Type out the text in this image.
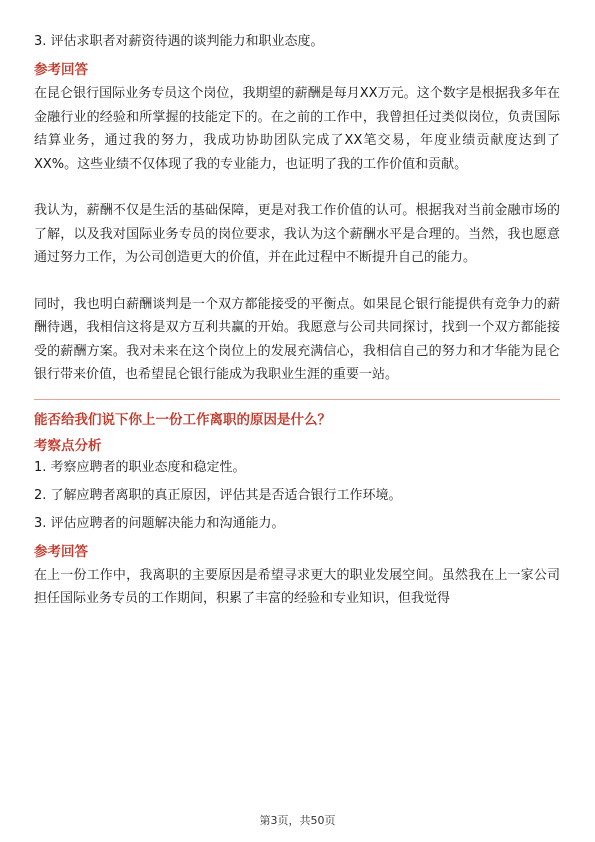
3. 评估求职者对薪资待遇的谈判能力和职业态度。
参考回答

在昆仑银行国际业务专员这个岗位，我期望的薪酬是每月XX万元。这个数字是根据我多年在金融行业的经验和所掌握的技能定下的。在之前的工作中，我曾担任过类似岗位，负责国际结算业务，通过我的努力，我成功协助团队完成了XX笔交易，年度业绩贡献度达到了XX%。这些业绩不仅体现了我的专业能力，也证明了我的工作价值和贡献。

我认为，薪酬不仅是生活的基础保障，更是对我工作价值的认可。根据我对当前金融市场的了解，以及我对国际业务专员的岗位要求，我认为这个薪酬水平是合理的。当然，我也愿意通过努力工作，为公司创造更大的价值，并在此过程中不断提升自己的能力。

同时，我也明白薪酬谈判是一个双方都能接受的平衡点。如果昆仑银行能提供有竞争力的薪酬待遇，我相信这将是双方互利共赢的开始。我愿意与公司共同探讨，找到一个双方都能接受的薪酬方案。我对未来在这个岗位上的发展充满信心，我相信自己的努力和才华能为昆仑银行带来价值，也希望昆仑银行能成为我职业生涯的重要一站。

能否给我们说下你上一份工作离职的原因是什么？
考察点分析
1. 考察应聘者的职业态度和稳定性。
2. 了解应聘者离职的真正原因，评估其是否适合银行工作环境。
3. 评估应聘者的问题解决能力和沟通能力。
参考回答

在上一份工作中，我离职的主要原因是希望寻求更大的职业发展空间。虽然我在上一家公司担任国际业务专员的工作期间，积累了丰富的经验和专业知识，但我觉得

第3页，共50页
